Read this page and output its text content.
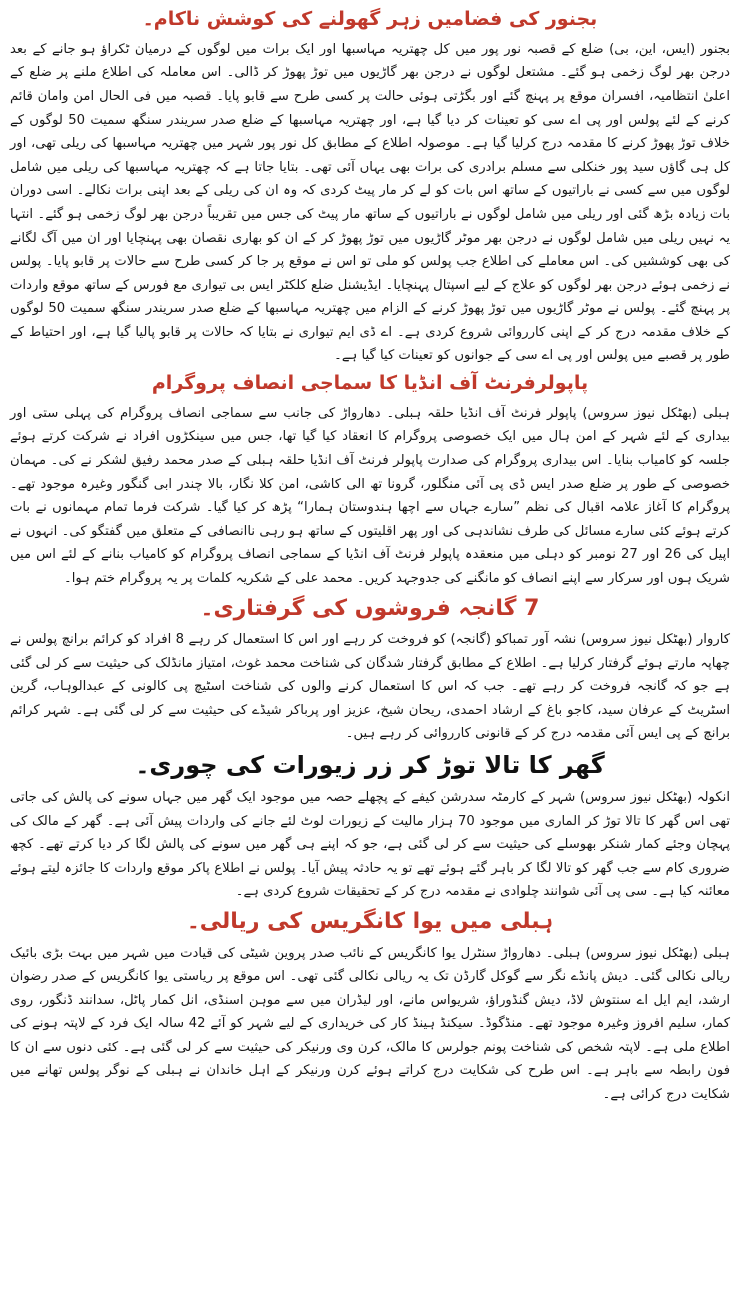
بجنور کی فضامیں زہر گھولنے کی کوشش ناکام۔

بجنور (ایس، این، بی) ضلع کے قصبہ نور پور میں کل چھتریہ مہاسبھا اور ایک برات میں لوگوں کے درمیان ٹکراؤ ہو جانے کے بعد درجن بھر لوگ زخمی ہو گئے۔ مشتعل لوگوں نے درجن بھر گاڑیوں میں توڑ پھوڑ کر ڈالی۔ اس معاملہ کی اطلاع ملنے پر ضلع کے اعلیٰ انتظامیہ، افسران موقع پر پہنچ گئے اور بگڑتی ہوئی حالت پر کسی طرح سے قابو پایا۔ قصبہ میں فی الحال امن وامان قائم کرنے کے لئے پولس اور پی اے سی کو تعینات کر دیا گیا ہے، اور چھتریہ مہاسبھا کے ضلع صدر سریندر سنگھ سمیت 50 لوگوں کے خلاف توڑ پھوڑ کرنے کا مقدمہ درج کرلیا گیا ہے۔ موصولہ اطلاع کے مطابق کل نور پور شہر میں چھتریہ مہاسبھا کی ریلی تھی، اور کل ہی گاؤں سید پور خنکلی سے مسلم برادری کی برات بھی یہاں آئی تھی۔ بتایا جاتا ہے کہ چھتریہ مہاسبھا کی ریلی میں شامل لوگوں میں سے کسی نے باراتیوں کے ساتھ اس بات کو لے کر مار پیٹ کردی کہ وہ ان کی ریلی کے بعد اپنی برات نکالے۔ اسی دوران بات زیادہ بڑھ گئی اور ریلی میں شامل لوگوں نے باراتیوں کے ساتھ مار پیٹ کی جس میں تقریباً درجن بھر لوگ زخمی ہو گئے۔ انتہا یہ نہیں ریلی میں شامل لوگوں نے درجن بھر موٹر گاڑیوں میں توڑ پھوڑ کر کے ان کو بھاری نقصان بھی پہنچایا اور ان میں آگ لگانے کی بھی کوششیں کی۔ اس معاملے کی اطلاع جب پولس کو ملی تو اس نے موقع پر جا کر کسی طرح سے حالات پر قابو پایا۔ پولس نے زخمی ہوئے درجن بھر لوگوں کو علاج کے لیے اسپتال پہنچایا۔ ایڈیشنل ضلع کلکٹر ایس بی تیواری مع فورس کے ساتھ موقع واردات پر پہنچ گئے۔ پولس نے موٹر گاڑیوں میں توڑ پھوڑ کرنے کے الزام میں چھتریہ مہاسبھا کے ضلع صدر سریندر سنگھ سمیت 50 لوگوں کے خلاف مقدمہ درج کر کے اپنی کارروائی شروع کردی ہے۔ اے ڈی ایم تیواری نے بتایا کہ حالات پر قابو پالیا گیا ہے، اور احتیاط کے طور پر قصبے میں پولس اور پی اے سی کے جوانوں کو تعینات کیا گیا ہے۔

پاپولرفرنٹ آف انڈیا کا سماجی انصاف پروگرام

ہبلی (بھٹکل نیوز سروس) پاپولر فرنٹ آف انڈیا حلقہ ہبلی۔ دھارواڑ کی جانب سے سماجی انصاف پروگرام کی پہلی ستی اور بیداری کے لئے شہر کے امن ہال میں ایک خصوصی پروگرام کا انعقاد کیا گیا تھا، جس میں سینکڑوں افراد نے شرکت کرتے ہوئے جلسہ کو کامیاب بنایا۔ اس بیداری پروگرام کی صدارت پاپولر فرنٹ آف انڈیا حلقہ ہبلی کے صدر محمد رفیق لشکر نے کی۔ مہمان خصوصی کے طور پر ضلع صدر ایس ڈی پی آئی منگلور، گرونا تھ الی کاشی، امن کلا نگار، بالا چندر ابی گنگور وغیرہ موجود تھے۔ پروگرام کا آغاز علامہ اقبال کی نظم ”سارے جہاں سے اچھا ہندوستان ہمارا“ پڑھ کر کیا گیا۔ شرکت فرما تمام مہمانوں نے بات کرتے ہوئے کئی سارے مسائل کی طرف نشاندہی کی اور پھر اقلیتوں کے ساتھ ہو رہی ناانصافی کے متعلق میں گفتگو کی۔ انہوں نے اپیل کی 26 اور 27 نومبر کو دہلی میں منعقدہ پاپولر فرنٹ آف انڈیا کے سماجی انصاف پروگرام کو کامیاب بنانے کے لئے اس میں شریک ہوں اور سرکار سے اپنے انصاف کو مانگنے کی جدوجہد کریں۔ محمد علی کے شکریہ کلمات پر یہ پروگرام ختم ہوا۔

7 گانجہ فروشوں کی گرفتاری۔

کاروار (بھٹکل نیوز سروس) نشہ آور تمباکو (گانجہ) کو فروخت کر رہے اور اس کا استعمال کر رہے 8 افراد کو کرائم برانچ پولس نے چھاپہ مارتے ہوئے گرفتار کرلیا ہے۔ اطلاع کے مطابق گرفتار شدگان کی شناخت محمد غوث، امتیاز مانڈلک کی حیثیت سے کر لی گئی ہے جو کہ گانجہ فروخت کر رہے تھے۔ جب کہ اس کا استعمال کرنے والوں کی شناخت اسٹیچ پی کالونی کے عبدالوہاب، گرین اسٹریٹ کے عرفان سید، کاجو باغ کے ارشاد احمدی، ریحان شیخ، عزیز اور پرباکر شیڈے کی حیثیت سے کر لی گئی ہے۔ شہر کرائم برانچ کے پی ایس آئی مقدمہ درج کر کے قانونی کارروائی کر رہے ہیں۔

گھر کا تالا توڑ کر زر زیورات کی چوری۔

انکولہ (بھٹکل نیوز سروس) شہر کے کارمٹہ سدرشن کیفے کے پچھلے حصہ میں موجود ایک گھر میں جہاں سونے کی پالش کی جاتی تھی اس گھر کا تالا توڑ کر الماری میں موجود 70 ہزار مالیت کے زیورات لوٹ لئے جانے کی واردات پیش آئی ہے۔ گھر کے مالک کی پہچان وجئے کمار شنکر بھوسلے کی حیثیت سے کر لی گئی ہے، جو کہ اپنے ہی گھر میں سونے کی پالش لگا کر دیا کرتے تھے۔ کچھ ضروری کام سے جب گھر کو تالا لگا کر باہر گئے ہوئے تھے تو یہ حادثہ پیش آیا۔ پولس نے اطلاع پاکر موقع واردات کا جائزہ لیتے ہوئے معائنہ کیا ہے۔ سی پی آئی شوانند چلوادی نے مقدمہ درج کر کے تحقیقات شروع کردی ہے۔

ہبلی میں یوا کانگریس کی ریالی۔

ہبلی (بھٹکل نیوز سروس) ہبلی۔ دھارواڑ سنٹرل یوا کانگریس کے نائب صدر پروین شیٹی کی قیادت میں شہر میں بہت بڑی بائیک ریالی نکالی گئی۔ دیش پانڈے نگر سے گوکل گارڈن تک یہ ریالی نکالی گئی تھی۔ اس موقع پر ریاستی یوا کانگریس کے صدر رضوان ارشد، ایم ایل اے سنتوش لاڈ، دیش گنڈوراؤ، شریواس مانے، اور لیڈران میں سے موہن اسنڈی، انل کمار پاٹل، سدانند ڈنگور، روی کمار، سلیم افروز وغیرہ موجود تھے۔ منڈگوڈ۔ سیکنڈ ہینڈ کار کی خریداری کے لیے شہر کو آئے 42 سالہ ایک فرد کے لاپتہ ہونے کی اطلاع ملی ہے۔ لاپتہ شخص کی شناخت پونم جولرس کا مالک، کرن وی ورنیکر کی حیثیت سے کر لی گئی ہے۔ کئی دنوں سے ان کا فون رابطہ سے باہر ہے۔ اس طرح کی شکایت درج کراتے ہوئے کرن ورنیکر کے اہل خاندان نے ہبلی کے نوگر پولس تھانے میں شکایت درج کرائی ہے۔
